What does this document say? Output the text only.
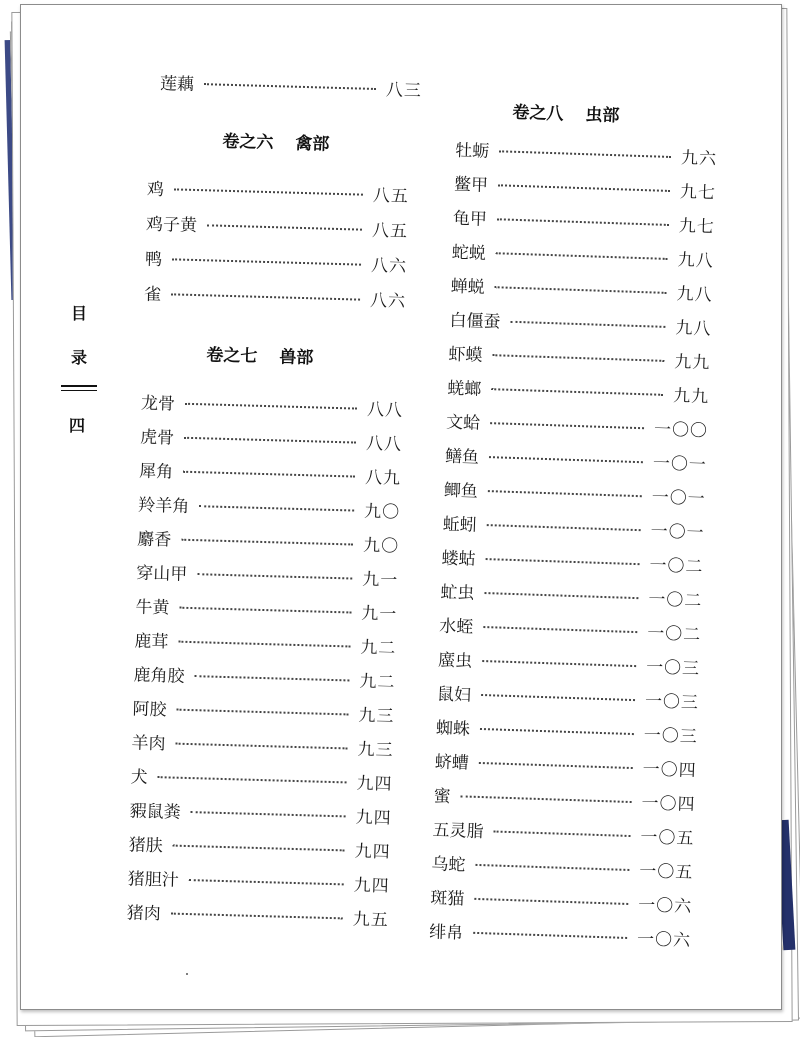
目
录
四
莲藕	八三
卷之六 禽部
鸡	八五
鸡子黄	八五
鸭	八六
雀	八六
卷之七 兽部
龙骨	八八
虎骨	八八
犀角	八九
羚羊角	九〇
麝香	九〇
穿山甲	九一
牛黄	九一
鹿茸	九二
鹿角胶	九二
阿胶	九三
羊肉	九三
犬	九四
豭鼠粪	九四
猪肤	九四
猪胆汁	九四
猪肉	九五
卷之八 虫部
牡蛎	九六
鳖甲	九七
龟甲	九七
蛇蜕	九八
蝉蜕	九八
白僵蚕	九八
虾蟆	九九
蜣螂	九九
文蛤	一〇〇
鳝鱼	一〇一
鲫鱼	一〇一
蚯蚓	一〇一
蝼蛄	一〇二
虻虫	一〇二
水蛭	一〇二
䗪虫	一〇三
鼠妇	一〇三
蜘蛛	一〇三
蛴螬	一〇四
蜜	一〇四
五灵脂	一〇五
乌蛇	一〇五
斑猫	一〇六
绯帛	一〇六
